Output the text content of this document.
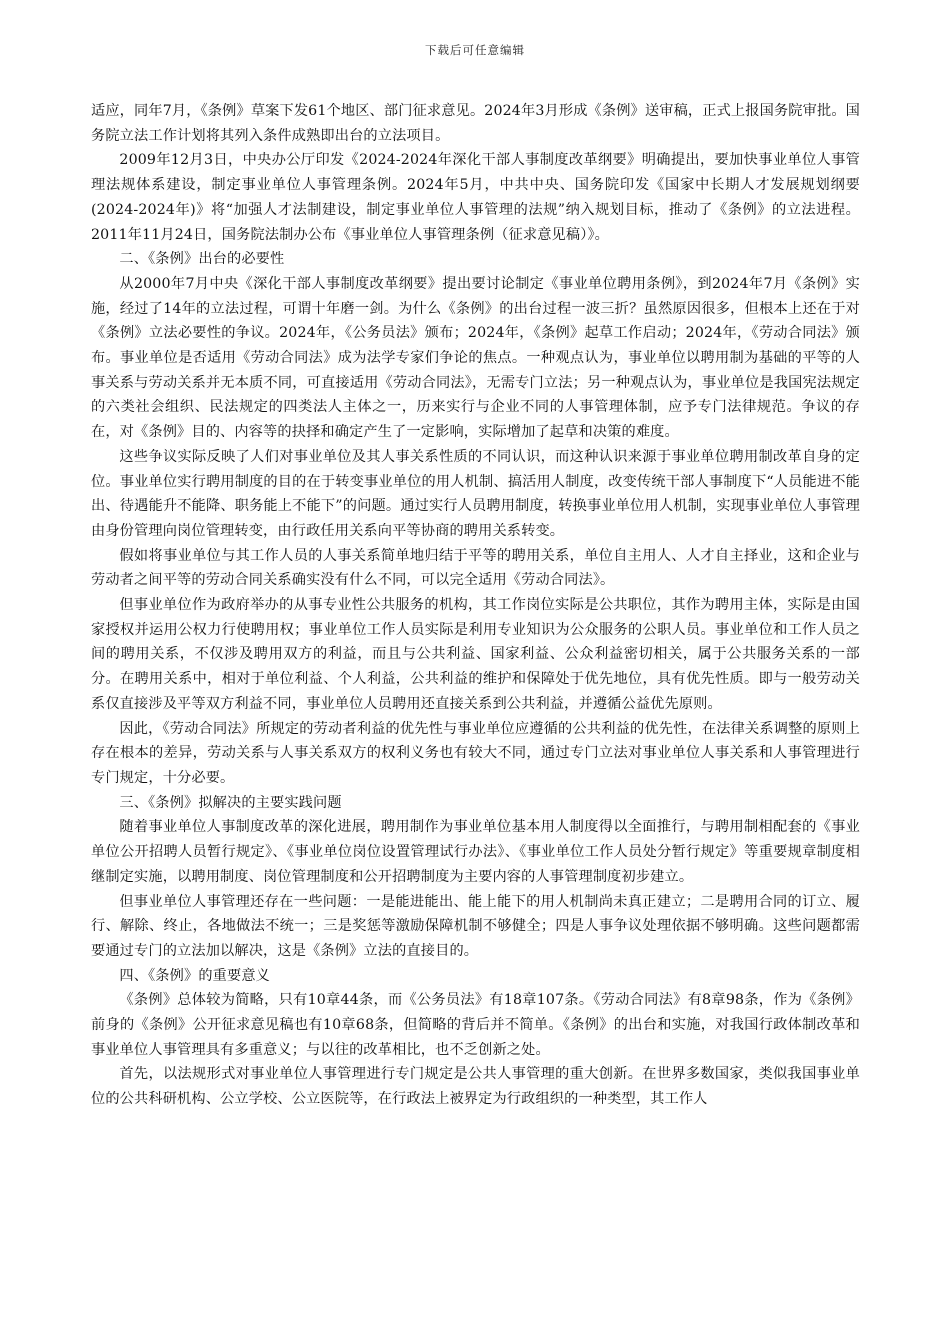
下载后可任意编辑

适应，同年7月，《条例》草案下发61个地区、部门征求意见。2024年3月形成《条例》送审稿，正式上报国务院审批。国务院立法工作计划将其列入条件成熟即出台的立法项目。

2009年12月3日，中央办公厅印发《2024-2024年深化干部人事制度改革纲要》明确提出，要加快事业单位人事管理法规体系建设，制定事业单位人事管理条例。2024年5月，中共中央、国务院印发《国家中长期人才发展规划纲要(2024-2024年)》将“加强人才法制建设，制定事业单位人事管理的法规”纳入规划目标，推动了《条例》的立法进程。2011年11月24日，国务院法制办公布《事业单位人事管理条例（征求意见稿）》。

二、《条例》出台的必要性

从2000年7月中央《深化干部人事制度改革纲要》提出要讨论制定《事业单位聘用条例》，到2024年7月《条例》实施，经过了14年的立法过程，可谓十年磨一剑。为什么《条例》的出台过程一波三折？虽然原因很多，但根本上还在于对《条例》立法必要性的争议。2024年，《公务员法》颁布；2024年，《条例》起草工作启动；2024年，《劳动合同法》颁布。事业单位是否适用《劳动合同法》成为法学专家们争论的焦点。一种观点认为，事业单位以聘用制为基础的平等的人事关系与劳动关系并无本质不同，可直接适用《劳动合同法》，无需专门立法；另一种观点认为，事业单位是我国宪法规定的六类社会组织、民法规定的四类法人主体之一，历来实行与企业不同的人事管理体制，应予专门法律规范。争议的存在，对《条例》目的、内容等的抉择和确定产生了一定影响，实际增加了起草和决策的难度。

这些争议实际反映了人们对事业单位及其人事关系性质的不同认识，而这种认识来源于事业单位聘用制改革自身的定位。事业单位实行聘用制度的目的在于转变事业单位的用人机制、搞活用人制度，改变传统干部人事制度下“人员能进不能出、待遇能升不能降、职务能上不能下”的问题。通过实行人员聘用制度，转换事业单位用人机制，实现事业单位人事管理由身份管理向岗位管理转变，由行政任用关系向平等协商的聘用关系转变。

假如将事业单位与其工作人员的人事关系简单地归结于平等的聘用关系，单位自主用人、人才自主择业，这和企业与劳动者之间平等的劳动合同关系确实没有什么不同，可以完全适用《劳动合同法》。

但事业单位作为政府举办的从事专业性公共服务的机构，其工作岗位实际是公共职位，其作为聘用主体，实际是由国家授权并运用公权力行使聘用权；事业单位工作人员实际是利用专业知识为公众服务的公职人员。事业单位和工作人员之间的聘用关系，不仅涉及聘用双方的利益，而且与公共利益、国家利益、公众利益密切相关，属于公共服务关系的一部分。在聘用关系中，相对于单位利益、个人利益，公共利益的维护和保障处于优先地位，具有优先性质。即与一般劳动关系仅直接涉及平等双方利益不同，事业单位人员聘用还直接关系到公共利益，并遵循公益优先原则。

因此，《劳动合同法》所规定的劳动者利益的优先性与事业单位应遵循的公共利益的优先性，在法律关系调整的原则上存在根本的差异，劳动关系与人事关系双方的权利义务也有较大不同，通过专门立法对事业单位人事关系和人事管理进行专门规定，十分必要。

三、《条例》拟解决的主要实践问题

随着事业单位人事制度改革的深化进展，聘用制作为事业单位基本用人制度得以全面推行，与聘用制相配套的《事业单位公开招聘人员暂行规定》、《事业单位岗位设置管理试行办法》、《事业单位工作人员处分暂行规定》等重要规章制度相继制定实施，以聘用制度、岗位管理制度和公开招聘制度为主要内容的人事管理制度初步建立。

但事业单位人事管理还存在一些问题：一是能进能出、能上能下的用人机制尚未真正建立；二是聘用合同的订立、履行、解除、终止，各地做法不统一；三是奖惩等激励保障机制不够健全；四是人事争议处理依据不够明确。这些问题都需要通过专门的立法加以解决，这是《条例》立法的直接目的。

四、《条例》的重要意义

《条例》总体较为简略，只有10章44条，而《公务员法》有18章107条。《劳动合同法》有8章98条，作为《条例》前身的《条例》公开征求意见稿也有10章68条，但简略的背后并不简单。《条例》的出台和实施，对我国行政体制改革和事业单位人事管理具有多重意义；与以往的改革相比，也不乏创新之处。

首先，以法规形式对事业单位人事管理进行专门规定是公共人事管理的重大创新。在世界多数国家，类似我国事业单位的公共科研机构、公立学校、公立医院等，在行政法上被界定为行政组织的一种类型，其工作人
